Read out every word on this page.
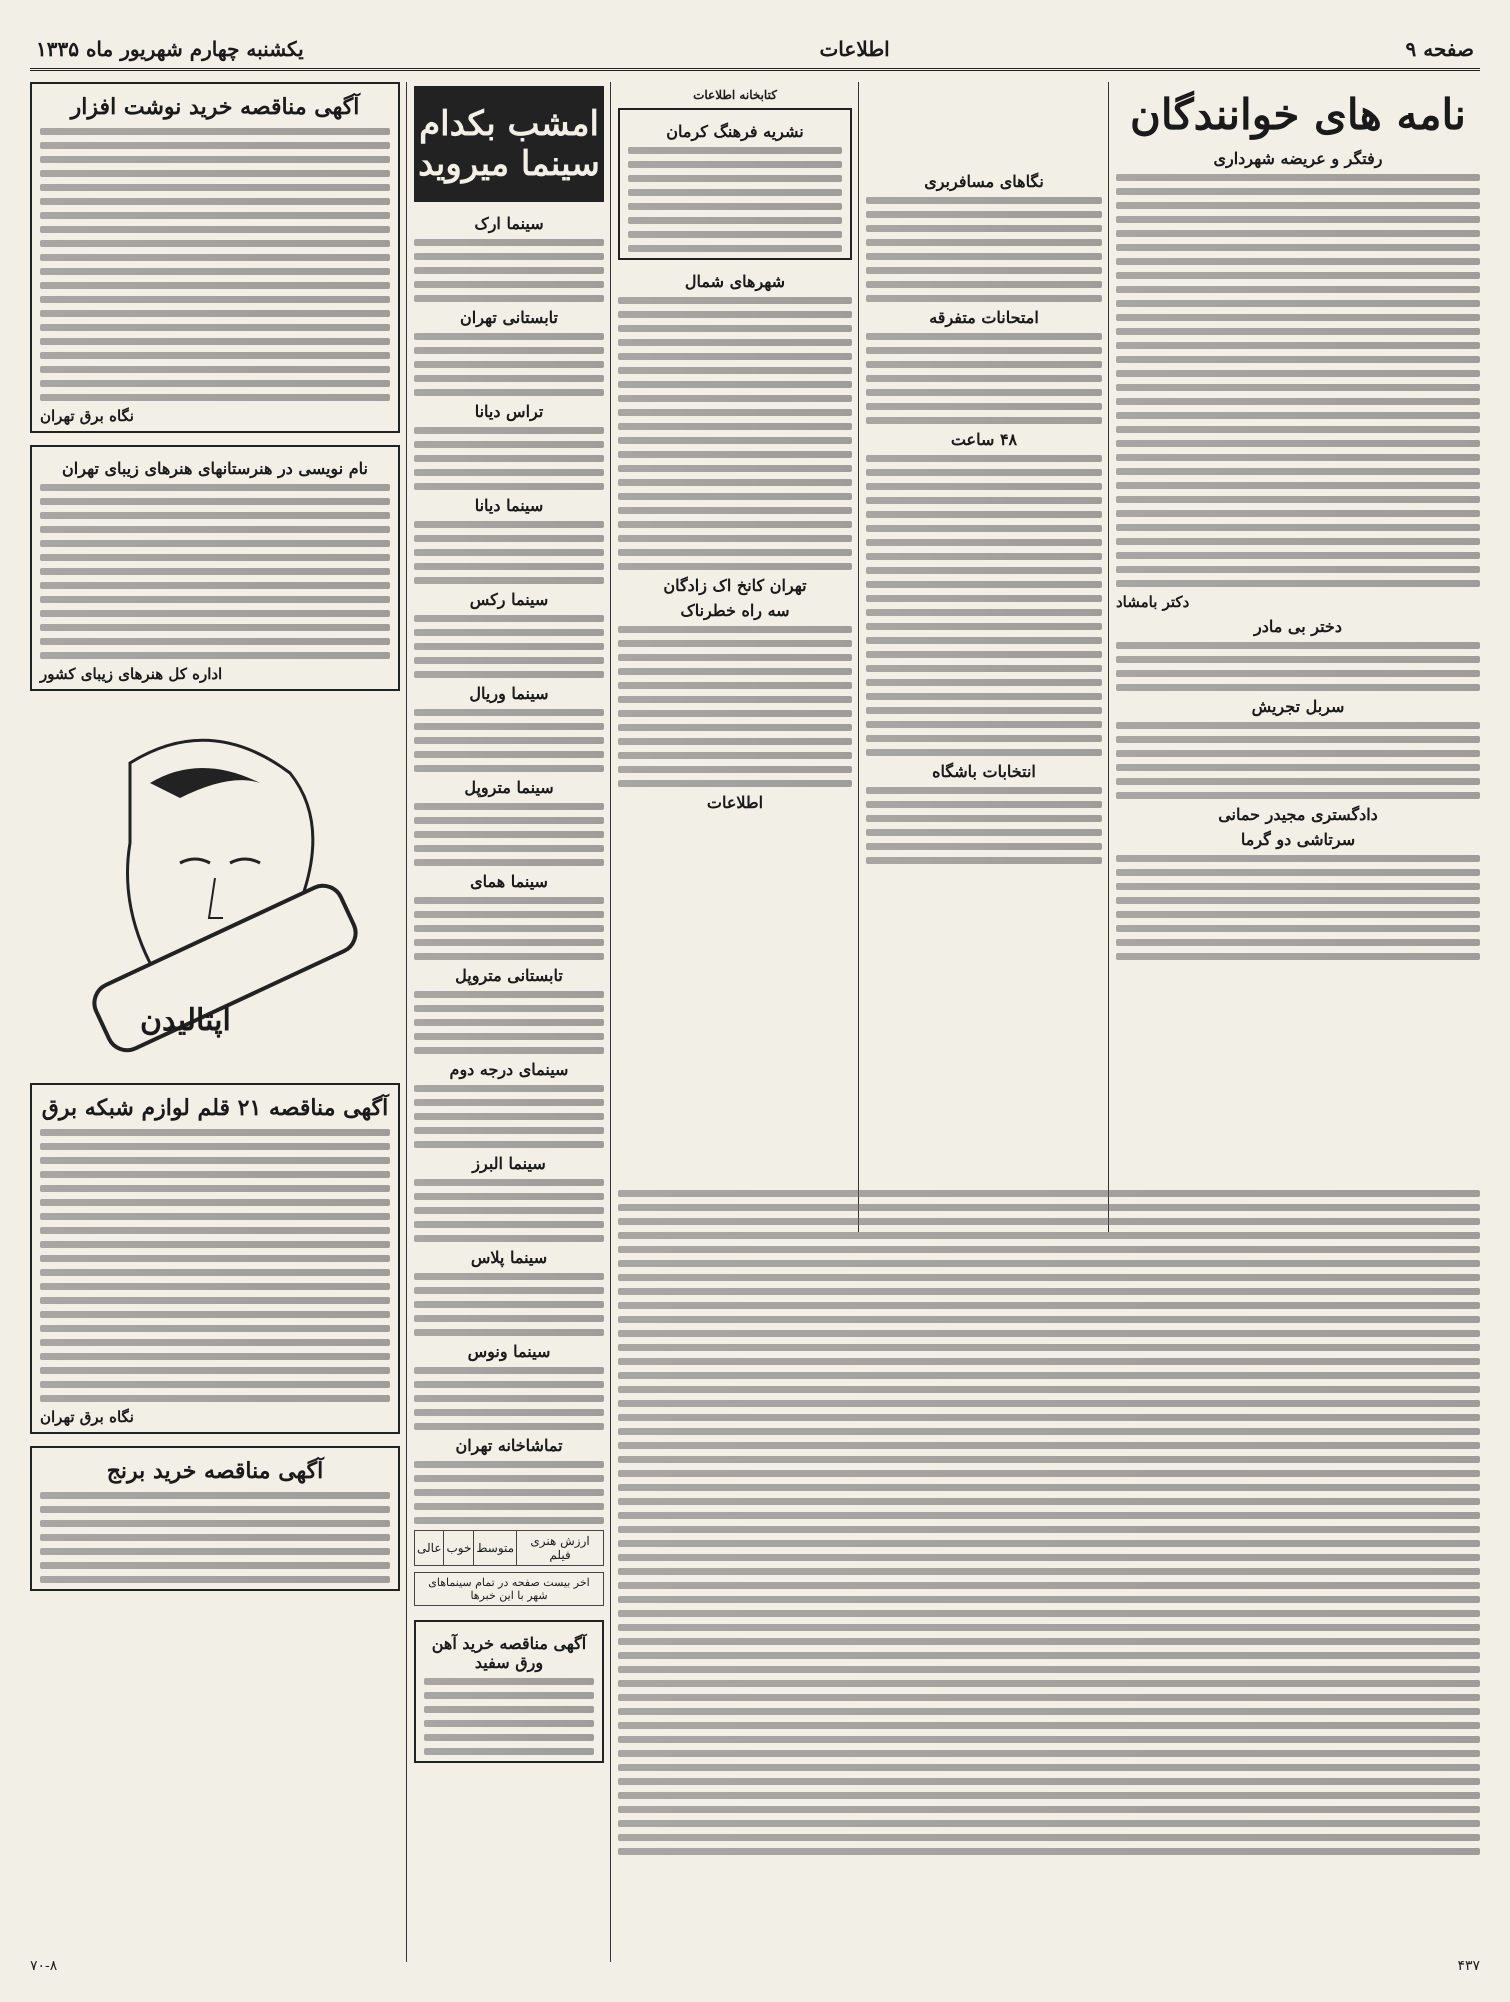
صفحه ۹
اطلاعات
یکشنبه چهارم شهریور ماه ۱۳۳۵
نامه های خوانندگان
رفتگر و عریضه شهرداری
دکتر بامشاد
دختر بی مادر
سربل تجریش
دادگستری مجیدر حمانی
سرتاشی دو گرما
نگاهای مسافربری
امتحانات متفرقه
۴۸ ساعت
انتخابات باشگاه
کتابخانه اطلاعات
نشریه فرهنگ کرمان
شهرهای شمال
تهران کانخ اک زادگان
سه راه خطرناک
اطلاعات
امشب بکدام سینما میروید
سینما ارک
تابستانی تهران
تراس دیانا
سینما دیانا
سینما رکس
سینما وریال
سینما متروپل
سینما همای
تابستانی متروپل
سینمای درجه دوم
سینما البرز
سینما پلاس
سینما ونوس
تماشاخانه تهران
ارزش هنری فیلم	متوسط	خوب	عالی
اخر بیست صفحه در تمام سینماهای شهر با این خبرها
آگهی مناقصه خرید آهن ورق سفید
آگهی مناقصه خرید نوشت افزار
نگاه برق تهران
نام نویسی در هنرستانهای هنرهای زیبای تهران
اداره کل هنرهای زیبای کشور
اپتالیدن
آگهی مناقصه ۲۱ قلم لوازم شبکه برق
نگاه برق تهران
آگهی مناقصه خرید برنج
۴۳۷
۷۰-۸
